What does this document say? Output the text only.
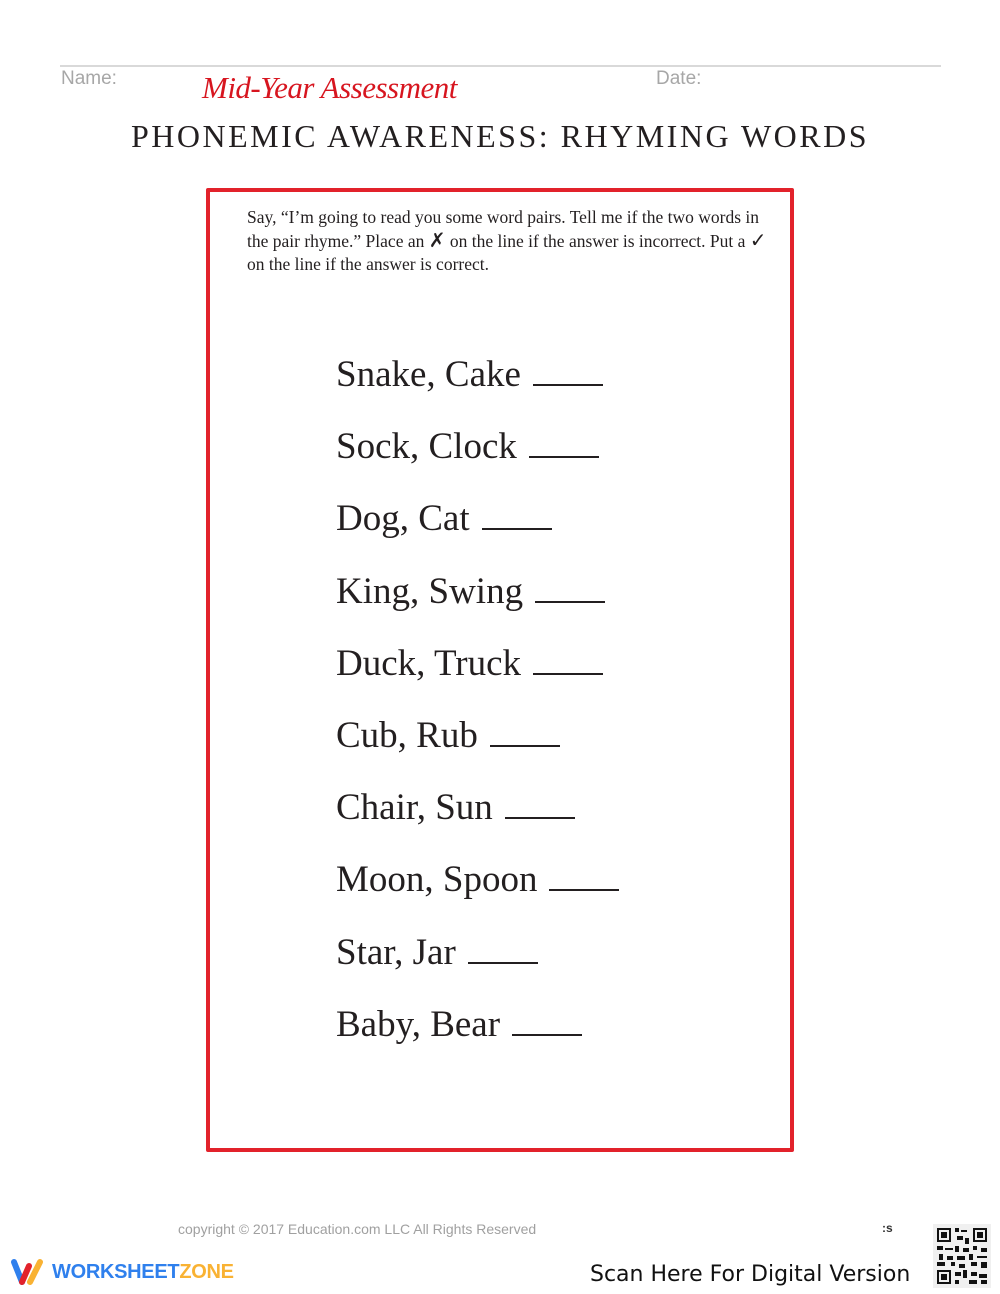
Name:	Mid-Year Assessment	Date:
PHONEMIC AWARENESS: RHYMING WORDS
Say, “I’m going to read you some word pairs. Tell me if the two words in the pair rhyme.” Place an ✗ on the line if the answer is incorrect. Put a ✓ on the line if the answer is correct.
Snake, Cake
Sock, Clock
Dog, Cat
King, Swing
Duck, Truck
Cub, Rub
Chair, Sun
Moon, Spoon
Star, Jar
Baby, Bear
copyright © 2017 Education.com LLC All Rights Reserved	:s
WORKSHEETZONE	Scan Here For Digital Version
